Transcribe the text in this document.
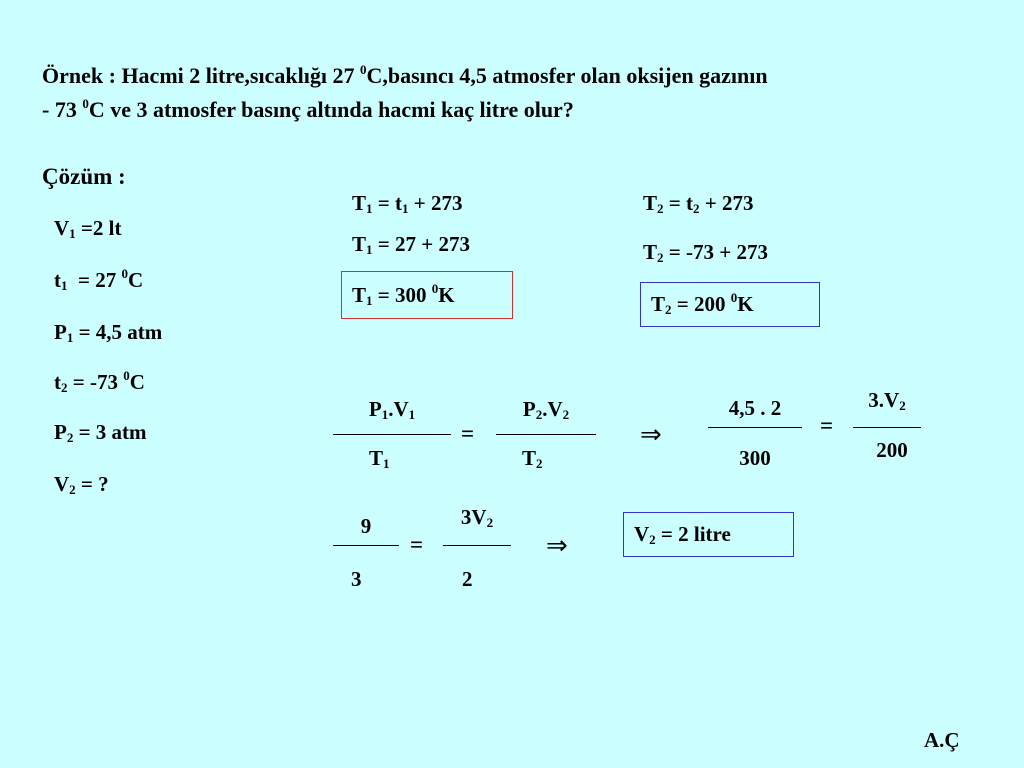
Örnek : Hacmi 2 litre,sıcaklığı 27 $^0$C,basıncı 4,5 atmosfer olan oksijen gazının
- 73 $^0$C ve 3 atmosfer basınç altında hacmi kaç litre olur?
Çözüm :
$V_1 =2$ lt
$t_1 = 27$ $^0$C
$P_1 = 4,5$ atm
$t_2 = -73$ $^0$C
$P_2 = 3$ atm
$V_2$ = ?
$T_1 = t_1 + 273$
$T_1 = 27 + 273$
$T_1 = 300$ $^0$K
$T_2 = t_2 + 273$
$T_2 = -73 + 273$
$T_2 = 200$ $^0$K
$P_1.V_1$
$T_1$
=
$P_2.V_2$
$T_2$
⇒
4,5 . 2
300
=
$3.V_2$
200
9
3
=
$3V_2$
2
⇒	$V_2 = 2$ litre
A.Ç
